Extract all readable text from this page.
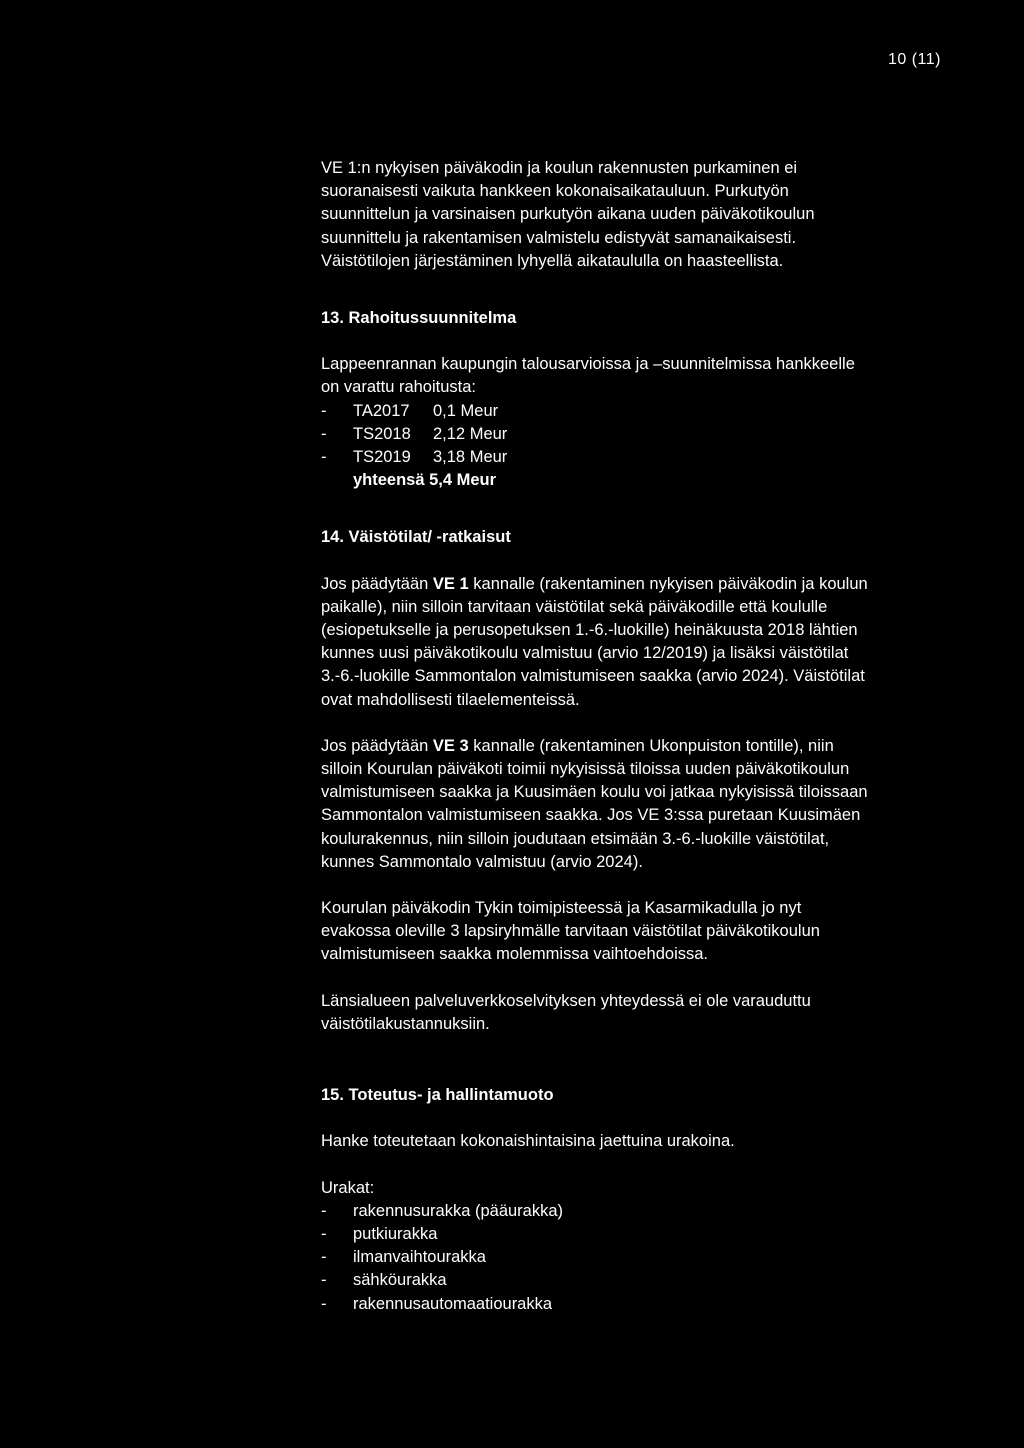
10 (11)

VE 1:n nykyisen päiväkodin ja koulun rakennusten purkaminen ei
suoranaisesti vaikuta hankkeen kokonaisaikatauluun. Purkutyön
suunnittelun ja varsinaisen purkutyön aikana uuden päiväkotikoulun
suunnittelu ja rakentamisen valmistelu edistyvät samanaikaisesti.
Väistötilojen järjestäminen lyhyellä aikataululla on haasteellista.

13. Rahoitussuunnitelma

Lappeenrannan kaupungin talousarvioissa ja –suunnitelmissa hankkeelle
on varattu rahoitusta:

-	TA2017	0,1 Meur
-	TS2018	2,12 Meur
-	TS2019	3,18 Meur

yhteensä 5,4 Meur

14. Väistötilat/ -ratkaisut

Jos päädytään VE 1 kannalle (rakentaminen nykyisen päiväkodin ja koulun
paikalle), niin silloin tarvitaan väistötilat sekä päiväkodille että koululle
(esiopetukselle ja perusopetuksen 1.-6.-luokille) heinäkuusta 2018 lähtien
kunnes uusi päiväkotikoulu valmistuu (arvio 12/2019) ja lisäksi väistötilat
3.-6.-luokille Sammontalon valmistumiseen saakka (arvio 2024). Väistötilat
ovat mahdollisesti tilaelementeissä.

Jos päädytään VE 3 kannalle (rakentaminen Ukonpuiston tontille), niin
silloin Kourulan päiväkoti toimii nykyisissä tiloissa uuden päiväkotikoulun
valmistumiseen saakka ja Kuusimäen koulu voi jatkaa nykyisissä tiloissaan
Sammontalon valmistumiseen saakka. Jos VE 3:ssa puretaan Kuusimäen
koulurakennus, niin silloin joudutaan etsimään 3.-6.-luokille väistötilat,
kunnes Sammontalo valmistuu (arvio 2024).

Kourulan päiväkodin Tykin toimipisteessä ja Kasarmikadulla jo nyt
evakossa oleville 3 lapsiryhmälle tarvitaan väistötilat päiväkotikoulun
valmistumiseen saakka molemmissa vaihtoehdoissa.

Länsialueen palveluverkkoselvityksen yhteydessä ei ole varauduttu
väistötilakustannuksiin.

15. Toteutus- ja hallintamuoto

Hanke toteutetaan kokonaishintaisina jaettuina urakoina.

Urakat:

-	rakennusurakka (pääurakka)
-	putkiurakka
-	ilmanvaihtourakka
-	sähköurakka
-	rakennusautomaatiourakka
